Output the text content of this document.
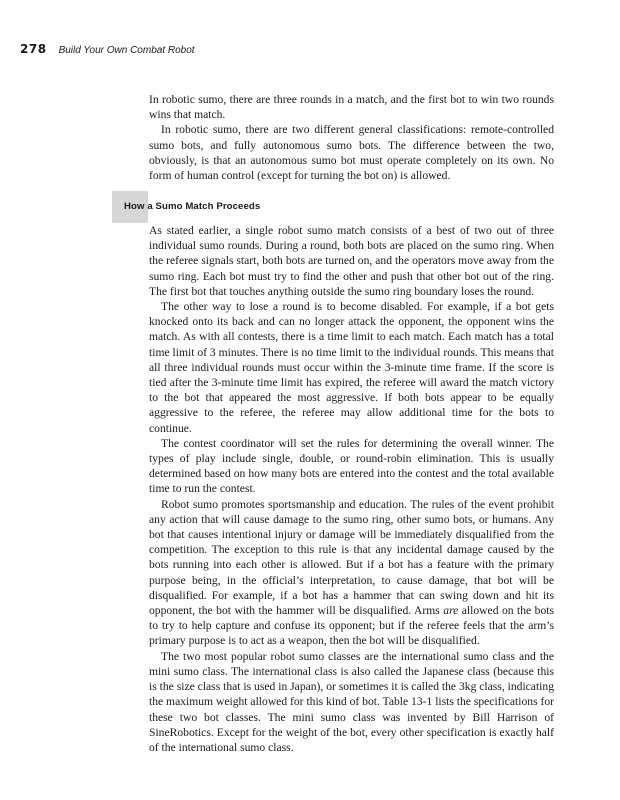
278 Build Your Own Combat Robot

In robotic sumo, there are three rounds in a match, and the first bot to win two rounds wins that match.

In robotic sumo, there are two different general classifications: remote-controlled sumo bots, and fully autonomous sumo bots. The difference between the two, obviously, is that an autonomous sumo bot must operate completely on its own. No form of human control (except for turning the bot on) is allowed.

How a Sumo Match Proceeds

As stated earlier, a single robot sumo match consists of a best of two out of three individual sumo rounds. During a round, both bots are placed on the sumo ring. When the referee signals start, both bots are turned on, and the operators move away from the sumo ring. Each bot must try to find the other and push that other bot out of the ring. The first bot that touches anything outside the sumo ring boundary loses the round.

The other way to lose a round is to become disabled. For example, if a bot gets knocked onto its back and can no longer attack the opponent, the opponent wins the match. As with all contests, there is a time limit to each match. Each match has a total time limit of 3 minutes. There is no time limit to the individual rounds. This means that all three individual rounds must occur within the 3-minute time frame. If the score is tied after the 3-minute time limit has expired, the referee will award the match victory to the bot that appeared the most aggressive. If both bots appear to be equally aggressive to the referee, the referee may allow additional time for the bots to continue.

The contest coordinator will set the rules for determining the overall winner. The types of play include single, double, or round-robin elimination. This is usually determined based on how many bots are entered into the contest and the total available time to run the contest.

Robot sumo promotes sportsmanship and education. The rules of the event prohibit any action that will cause damage to the sumo ring, other sumo bots, or humans. Any bot that causes intentional injury or damage will be immediately disqualified from the competition. The exception to this rule is that any incidental damage caused by the bots running into each other is allowed. But if a bot has a feature with the primary purpose being, in the official’s interpretation, to cause damage, that bot will be disqualified. For example, if a bot has a hammer that can swing down and hit its opponent, the bot with the hammer will be disqualified. Arms are allowed on the bots to try to help capture and confuse its opponent; but if the referee feels that the arm’s primary purpose is to act as a weapon, then the bot will be disqualified.

The two most popular robot sumo classes are the international sumo class and the mini sumo class. The international class is also called the Japanese class (because this is the size class that is used in Japan), or sometimes it is called the 3kg class, indicating the maximum weight allowed for this kind of bot. Table 13-1 lists the specifications for these two bot classes. The mini sumo class was invented by Bill Harrison of SineRobotics. Except for the weight of the bot, every other specification is exactly half of the international sumo class.
